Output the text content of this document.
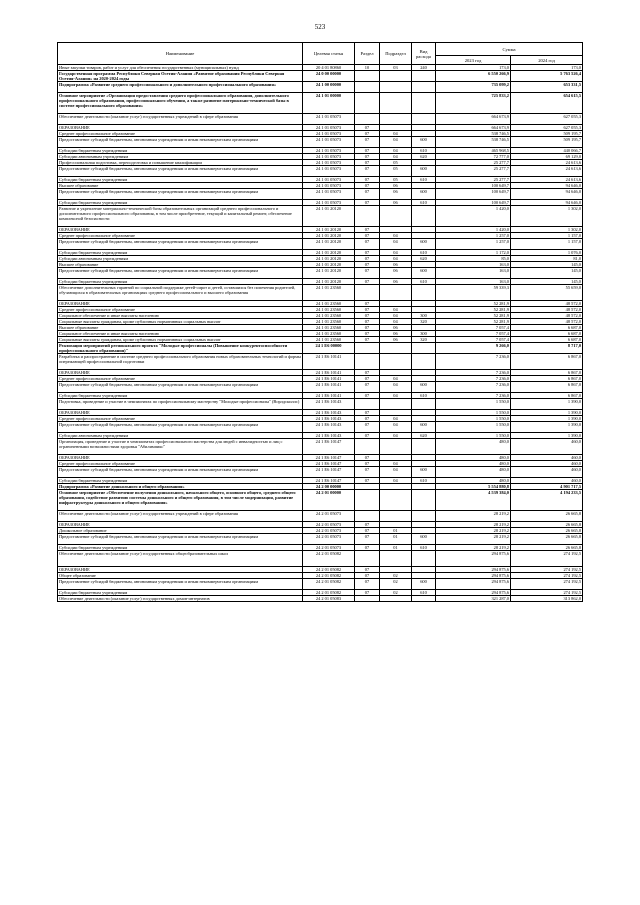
523
Наименование	Целевая статья	Раздел	Подраздел	Вид расхода	Сумма	
					2023 год	2024 год
Иные закупки товаров, работ и услуг для обеспечения государственных (муниципальных) нужд	20 4 01 80860	10	03	240	173,0	173,0
Государственная программа Республики Северная Осетия-Алания «Развитие образования Республики Северная Осетия-Алания» на 2020-2024 годы	24 0 00 00000				6 550 266,9	5 763 526,4
Подпрограмма «Развитие среднего профессионального и дополнительного профессионального образования»	24 1 00 00000				735 099,2	653 331,5
Основное мероприятие «Организация предоставления среднего профессионального образования, дополнительного профессионального образования, профессионального обучения, а также развитие материально-технической базы в системе профессионального образования»	24 1 01 00000				725 833,2	654 615,5
Обеспечение деятельности (оказание услуг) государственных учреждений в сфере образования	24 1 01 05073				664 673,9	627 055,3
ОБРАЗОВАНИЕ	24 1 01 05073	07			664 673,9	627 055,3
Среднее профессиональное образование	24 1 01 05073	07	04		538 746,5	509 195,7
Предоставление субсидий бюджетным, автономным учреждениям и иным некоммерческим организациям	24 1 01 05073	07	04	600	538 746,5	509 195,7
Субсидии бюджетным учреждениям	24 1 01 05073	07	04	610	465 968,5	440 066,7
Субсидии автономным учреждениям	24 1 01 05073	07	04	620	72 777,0	69 129,0
Профессиональная подготовка, переподготовка и повышение квалификации	24 1 01 05073	07	05		25 277,7	24 613,6
Предоставление субсидий бюджетным, автономным учреждениям и иным некоммерческим организациям	24 1 01 05073	07	05	600	25 277,7	24 613,6
Субсидии бюджетным учреждениям	24 1 01 05073	07	05	610	25 277,7	24 613,6
Высшее образование	24 1 01 05073	07	06		100 649,7	94 646,0
Предоставление субсидий бюджетным, автономным учреждениям и иным некоммерческим организациям	24 1 01 05073	07	06	600	100 649,7	94 646,0
Субсидии бюджетным учреждениям	24 1 01 05073	07	06	610	100 649,7	94 646,0
Развитие и укрепление материально-технической базы образовательных организаций среднего профессионального и дополнительного профессионального образования, в том числе приобретение, текущий и капитальный ремонт, обеспечение комплексной безопасности	24 1 01 20120				1 420,0	1 302,0
ОБРАЗОВАНИЕ	24 1 01 20120	07			1 420,0	1 302,0
Среднее профессиональное образование	24 1 01 20120	07	04		1 257,0	1 157,0
Предоставление субсидий бюджетным, автономным учреждениям и иным некоммерческим организациям	24 1 01 20120	07	04	600	1 257,0	1 157,0
Субсидии бюджетным учреждениям	24 1 01 20120	07	04	610	1 172,0	1 076,0
Субсидии автономным учреждениям	24 1 01 20120	07	04	620	85,0	81,0
Высшее образование	24 1 01 20120	07	06		163,0	145,0
Предоставление субсидий бюджетным, автономным учреждениям и иным некоммерческим организациям	24 1 01 20120	07	06	600	163,0	145,0
Субсидии бюджетным учреждениям	24 1 01 20120	07	06	610	163,0	145,0
Обеспечение дополнительных гарантий по социальной поддержке детей-сирот и детей, оставшихся без попечения родителей, обучающихся в образовательных организациях среднего профессионального и высшего образования	24 1 01 23560				59 339,3	55 659,0
ОБРАЗОВАНИЕ	24 1 01 23560	07			52 281,9	48 572,0
Среднее профессиональное образование	24 1 01 23560	07	04		52 281,9	48 572,0
Социальное обеспечение и иные выплаты населению	24 1 01 23560	07	04	300	52 281,9	48 572,0
Социальные выплаты гражданам, кроме публичных нормативных социальных выплат	24 1 01 23560	07	04	320	52 281,9	48 572,0
Высшее образование	24 1 01 23560	07	06		7 057,4	6 687,0
Социальное обеспечение и иные выплаты населению	24 1 01 23560	07	06	300	7 057,4	6 687,0
Социальные выплаты гражданам, кроме публичных нормативных социальных выплат	24 1 01 23560	07	06	320	7 057,4	6 687,0
Реализация мероприятий регионального проекта "Молодые профессионалы (Повышение конкурентоспособности профессионального образования)"	24 1 E6 00000				9 266,0	8 717,0
Разработка и распространение в системе среднего профессионального образования новых образовательных технологий и формы опережающей профессиональной подготовки	24 1 E6 10141				7 236,0	6 867,0
ОБРАЗОВАНИЕ	24 1 E6 10141	07			7 236,0	6 867,0
Среднее профессиональное образование	24 1 E6 10141	07	04		7 236,0	6 867,0
Предоставление субсидий бюджетным, автономным учреждениям и иным некоммерческим организациям	24 1 E6 10141	07	04	600	7 236,0	6 867,0
Субсидии бюджетным учреждениям	24 1 E6 10141	07	04	610	7 236,0	6 867,0
Подготовка, проведение и участие в чемпионатах по профессиональному мастерству "Молодые профессионалы" (Ворлдскиллс)	24 1 E6 10143				1 550,0	1 390,0
ОБРАЗОВАНИЕ	24 1 E6 10143	07			1 550,0	1 390,0
Среднее профессиональное образование	24 1 E6 10143	07	04		1 550,0	1 390,0
Предоставление субсидий бюджетным, автономным учреждениям и иным некоммерческим организациям	24 1 E6 10143	07	04	600	1 550,0	1 390,0
Субсидии автономным учреждениям	24 1 E6 10143	07	04	620	1 550,0	1 390,0
Организация, проведение и участие в чемпионатах профессионального мастерства для людей с инвалидностью и лиц с ограниченными возможностями здоровья "Абилимпикс"	24 1 E6 10147				480,0	460,0
ОБРАЗОВАНИЕ	24 1 E6 10147	07			480,0	460,0
Среднее профессиональное образование	24 1 E6 10147	07	04		480,0	460,0
Предоставление субсидий бюджетным, автономным учреждениям и иным некоммерческим организациям	24 1 E6 10147	07	04	600	480,0	460,0
Субсидии бюджетным учреждениям	24 1 E6 10147	07	04	610	480,0	460,0
Подпрограмма «Развитие дошкольного и общего образования»	24 2 00 00000				5 554 880,8	4 901 717,5
Основное мероприятие «Обеспечение получения дошкольного, начального общего, основного общего, среднего общего образования, содействие развитию системы дошкольного и общего образования, в том числе модернизация, развитие инфраструктуры дошкольного и общего образования»	24 2 01 00000				4 539 384,0	4 194 233,5
Обеспечение деятельности (оказание услуг) государственных учреждений в сфере образования	24 2 01 05073				28 219,2	26 665,8
ОБРАЗОВАНИЕ	24 2 01 05073	07			28 219,2	26 665,8
Дошкольное образование	24 2 01 05073	07	01		28 219,2	26 665,8
Предоставление субсидий бюджетным, автономным учреждениям и иным некоммерческим организациям	24 2 01 05073	07	01	600	28 219,2	26 665,8
Субсидии бюджетным учреждениям	24 2 01 05073	07	01	610	28 219,2	26 665,8
Обеспечение деятельности (оказание услуг) государственных общеобразовательных школ	24 2 01 05082				294 875,6	274 192,5
ОБРАЗОВАНИЕ	24 2 01 05082	07			294 875,6	274 192,5
Общее образование	24 2 01 05082	07	02		294 875,6	274 192,5
Предоставление субсидий бюджетным, автономным учреждениям и иным некоммерческим организациям	24 2 01 05082	07	02	600	294 875,6	274 192,5
Субсидии бюджетным учреждениям	24 2 01 05082	07	02	610	294 875,6	274 192,5
Обеспечение деятельности (оказание услуг) государственных домов-интернатов	24 2 01 05083				321 287,0	313 862,0
